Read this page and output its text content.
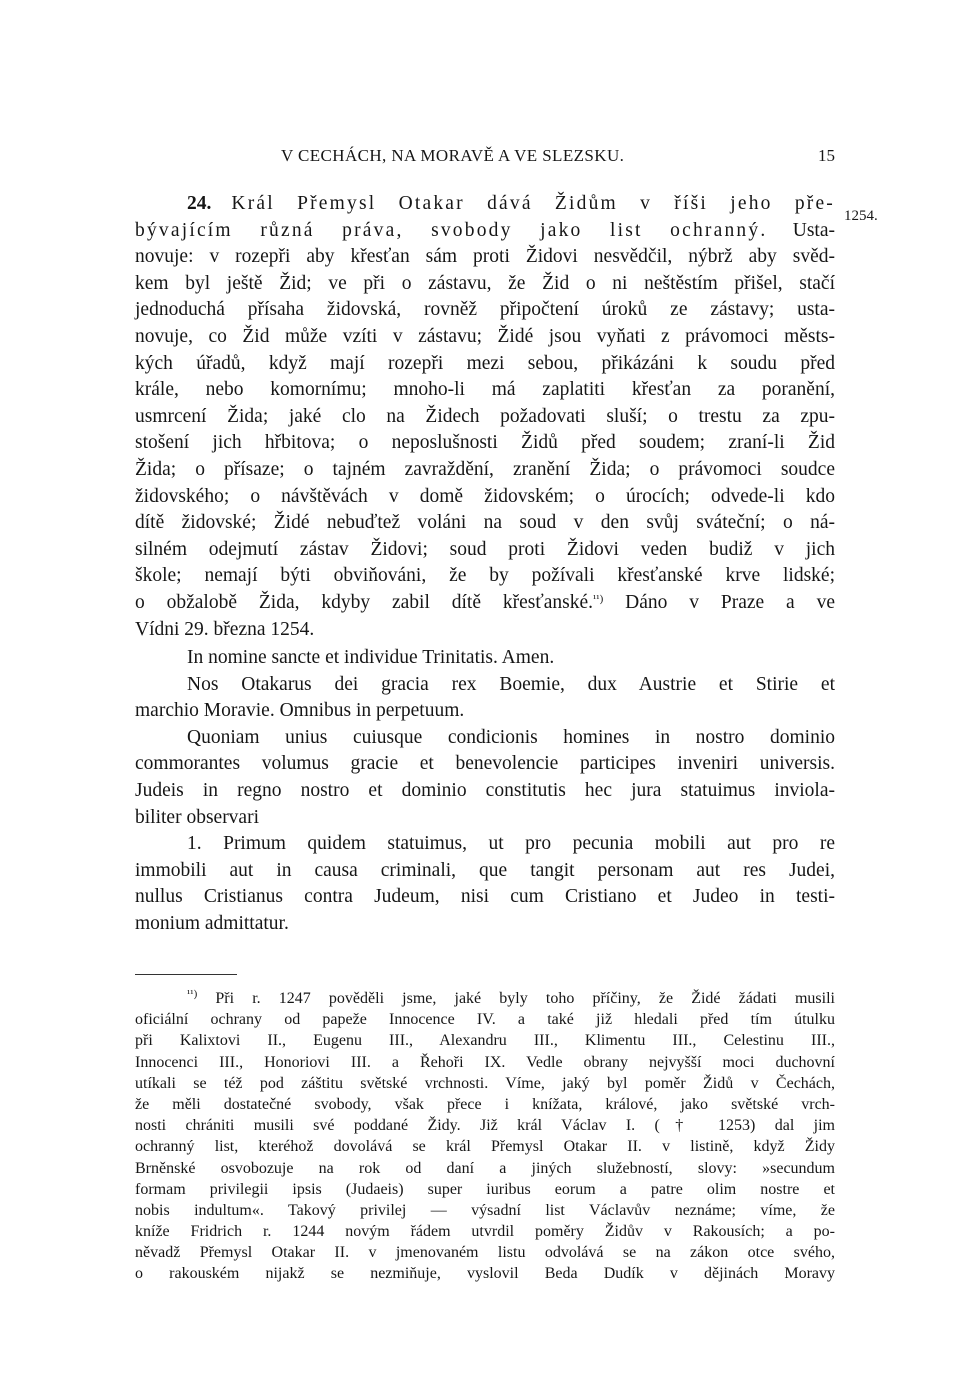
V CECHÁCH, NA MORAVĚ A VE SLEZSKU.	15
1254.
24. Král Přemysl Otakar dává Židům v říši jeho pře-
bývajícím různá práva, svobody jako list ochranný. Usta-
novuje: v rozepři aby křesťan sám proti Židovi nesvědčil, nýbrž aby svěd-
kem byl ještě Žid; ve při o zástavu, že Žid o ni neštěstím přišel, stačí
jednoduchá přísaha židovská, rovněž připočtení úroků ze zástavy; usta-
novuje, co Žid může vzíti v zástavu; Židé jsou vyňati z právomoci městs-
kých úřadů, když mají rozepři mezi sebou, přikázáni k soudu před
krále, nebo komornímu; mnoho-li má zaplatiti křesťan za poranění,
usmrcení Žida; jaké clo na Židech požadovati sluší; o trestu za zpu-
stošení jich hřbitova; o neposlušnosti Židů před soudem; zraní-li Žid
Žida; o přísaze; o tajném zavraždění, zranění Žida; o právomoci soudce
židovského; o návštěvách v domě židovském; o úrocích; odvede-li kdo
dítě židovské; Židé nebuďtež voláni na soud v den svůj sváteční; o ná-
silném odejmutí zástav Židovi; soud proti Židovi veden budiž v jich
škole; nemají býti obviňováni, že by požívali křesťanské krve lidské;
o obžalobě Žida, kdyby zabil dítě křesťanské.$^{^{11})}$ Dáno v Praze a ve
Vídni 29. března 1254.
In nomine sancte et individue Trinitatis. Amen.
Nos Otakarus dei gracia rex Boemie, dux Austrie et Stirie et
marchio Moravie. Omnibus in perpetuum.
Quoniam unius cuiusque condicionis homines in nostro dominio
commorantes volumus gracie et benevolencie participes inveniri universis.
Judeis in regno nostro et dominio constitutis hec jura statuimus inviola-
biliter observari
1. Primum quidem statuimus, ut pro pecunia mobili aut pro re
immobili aut in causa criminali, que tangit personam aut res Judei,
nullus Cristianus contra Judeum, nisi cum Cristiano et Judeo in testi-
monium admittatur.
$^{^{11})}$ Při r. 1247 pověděli jsme, jaké byly toho příčiny, že Židé žádati musili
oficiální ochrany od papeže Innocence IV. a také již hledali před tím útulku
při Kalixtovi II., Eugenu III., Alexandru III., Klimentu III., Celestinu III.,
Innocenci III., Honoriovi III. a Řehoři IX. Vedle obrany nejvyšší moci duchovní
utíkali se též pod záštitu světské vrchnosti. Víme, jaký byl poměr Židů v Čechách,
že měli dostatečné svobody, však přece i knížata, králové, jako světské vrch-
nosti chrániti musili své poddané Židy. Již král Václav I. († 1253) dal jim
ochranný list, kteréhož dovolává se král Přemysl Otakar II. v listině, když Židy
Brněnské osvobozuje na rok od daní a jiných služebností, slovy: »secundum
formam privilegii ipsis (Judaeis) super iuribus eorum a patre olim nostre et
nobis indultum«. Takový privilej — výsadní list Václavův neznáme; víme, že
kníže Fridrich r. 1244 novým řádem utvrdil poměry Židův v Rakousích; a po-
něvadž Přemysl Otakar II. v jmenovaném listu odvolává se na zákon otce svého,
o rakouském nijakž se nezmiňuje, vyslovil Beda Dudík v dějinách Moravy
